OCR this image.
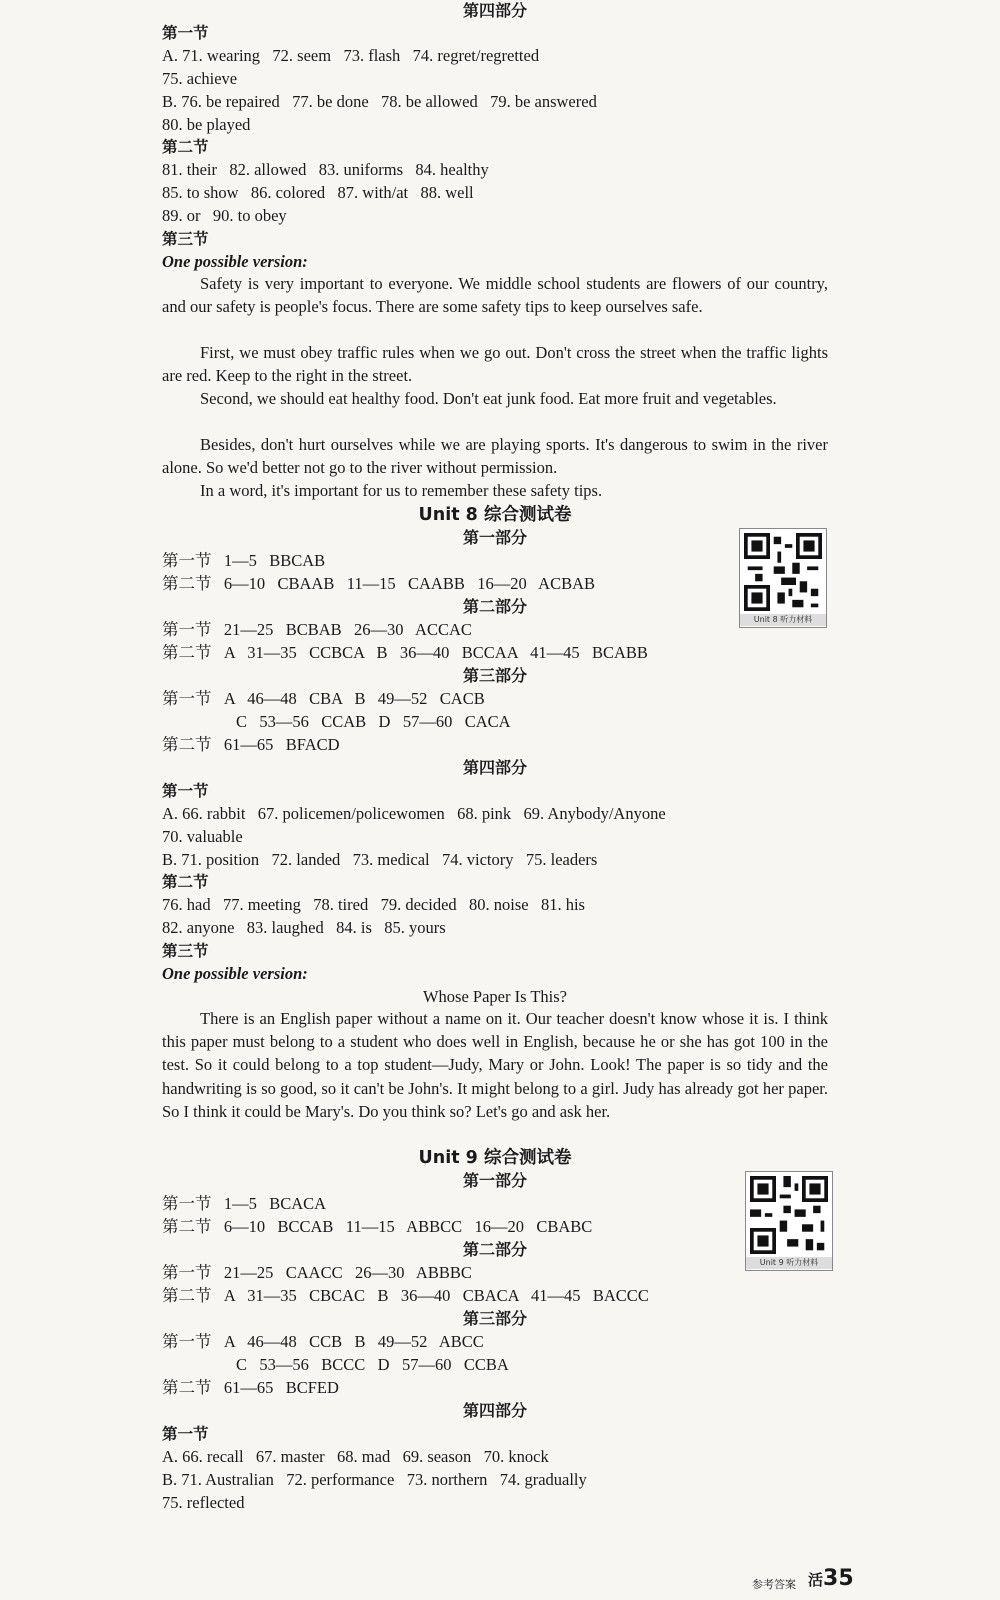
第四部分
第一节
A. 71. wearing   72. seem   73. flash   74. regret/regretted
75. achieve
B. 76. be repaired   77. be done   78. be allowed   79. be answered
80. be played
第二节
81. their   82. allowed   83. uniforms   84. healthy
85. to show   86. colored   87. with/at   88. well
89. or   90. to obey
第三节
One possible version:
Safety is very important to everyone. We middle school students are flowers of our country, and our safety is people's focus. There are some safety tips to keep ourselves safe.
First, we must obey traffic rules when we go out. Don't cross the street when the traffic lights are red. Keep to the right in the street.
Second, we should eat healthy food. Don't eat junk food. Eat more fruit and vegetables.
Besides, don't hurt ourselves while we are playing sports. It's dangerous to swim in the river alone. So we'd better not go to the river without permission.
In a word, it's important for us to remember these safety tips.
Unit 8 综合测试卷
Unit 8 听力材料
第一部分
第一节   1—5   BBCAB
第二节   6—10   CBAAB   11—15   CAABB   16—20   ACBAB
第二部分
第一节   21—25   BCBAB   26—30   ACCAC
第二节   A   31—35   CCBCA   B   36—40   BCCAA   41—45   BCABB
第三部分
第一节   A   46—48   CBA   B   49—52   CACB
C   53—56   CCAB   D   57—60   CACA
第二节   61—65   BFACD
第四部分
第一节
A. 66. rabbit   67. policemen/policewomen   68. pink   69. Anybody/Anyone
70. valuable
B. 71. position   72. landed   73. medical   74. victory   75. leaders
第二节
76. had   77. meeting   78. tired   79. decided   80. noise   81. his
82. anyone   83. laughed   84. is   85. yours
第三节
One possible version:
Whose Paper Is This?
There is an English paper without a name on it. Our teacher doesn't know whose it is. I think this paper must belong to a student who does well in English, because he or she has got 100 in the test. So it could belong to a top student—Judy, Mary or John. Look! The paper is so tidy and the handwriting is so good, so it can't be John's. It might belong to a girl. Judy has already got her paper. So I think it could be Mary's. Do you think so? Let's go and ask her.
Unit 9 综合测试卷
Unit 9 听力材料
第一部分
第一节   1—5   BCACA
第二节   6—10   BCCAB   11—15   ABBCC   16—20   CBABC
第二部分
第一节   21—25   CAACC   26—30   ABBBC
第二节   A   31—35   CBCAC   B   36—40   CBACA   41—45   BACCC
第三部分
第一节   A   46—48   CCB   B   49—52   ABCC
C   53—56   BCCC   D   57—60   CCBA
第二节   61—65   BCFED
第四部分
第一节
A. 66. recall   67. master   68. mad   69. season   70. knock
B. 71. Australian   72. performance   73. northern   74. gradually
75. reflected
参考答案 活35
